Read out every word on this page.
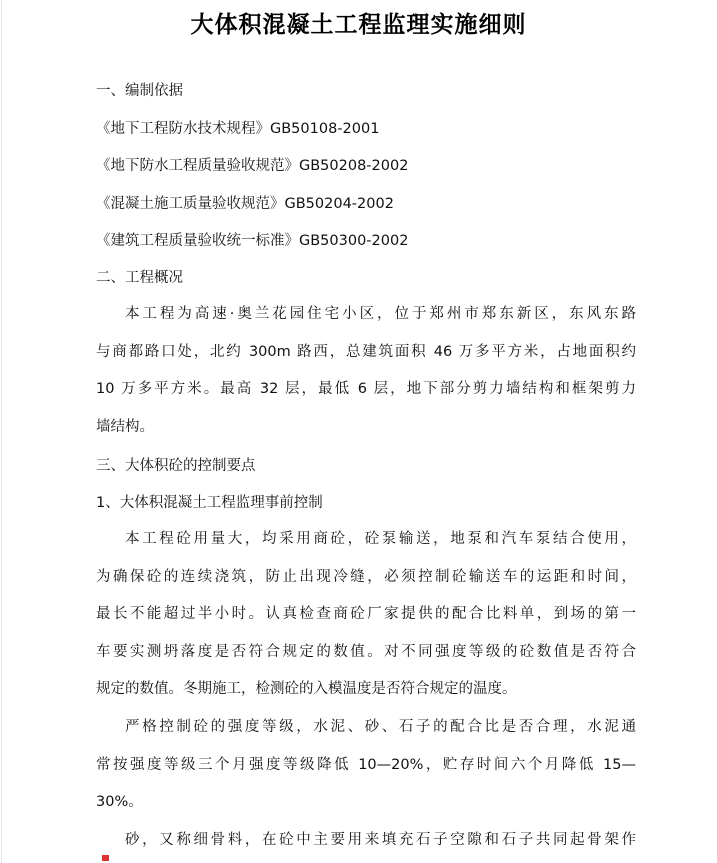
大体积混凝土工程监理实施细则
一、编制依据
《地下工程防水技术规程》GB50108-2001
《地下防水工程质量验收规范》GB50208-2002
《混凝土施工质量验收规范》GB50204-2002
《建筑工程质量验收统一标准》GB50300-2002
二、工程概况
本工程为高速·奥兰花园住宅小区，位于郑州市郑东新区，东风东路
与商都路口处，北约 300m 路西，总建筑面积 46 万多平方米，占地面积约
10 万多平方米。最高 32 层，最低 6 层，地下部分剪力墙结构和框架剪力
墙结构。
三、大体积砼的控制要点
1、大体积混凝土工程监理事前控制
本工程砼用量大，均采用商砼，砼泵输送，地泵和汽车泵结合使用，
为确保砼的连续浇筑，防止出现冷缝，必须控制砼输送车的运距和时间，
最长不能超过半小时。认真检查商砼厂家提供的配合比料单，到场的第一
车要实测坍落度是否符合规定的数值。对不同强度等级的砼数值是否符合
规定的数值。冬期施工，检测砼的入模温度是否符合规定的温度。
严格控制砼的强度等级，水泥、砂、石子的配合比是否合理，水泥通
常按强度等级三个月强度等级降低 10—20%，贮存时间六个月降低 15—
30%。
砂，又称细骨料，在砼中主要用来填充石子空隙和石子共同起骨架作
